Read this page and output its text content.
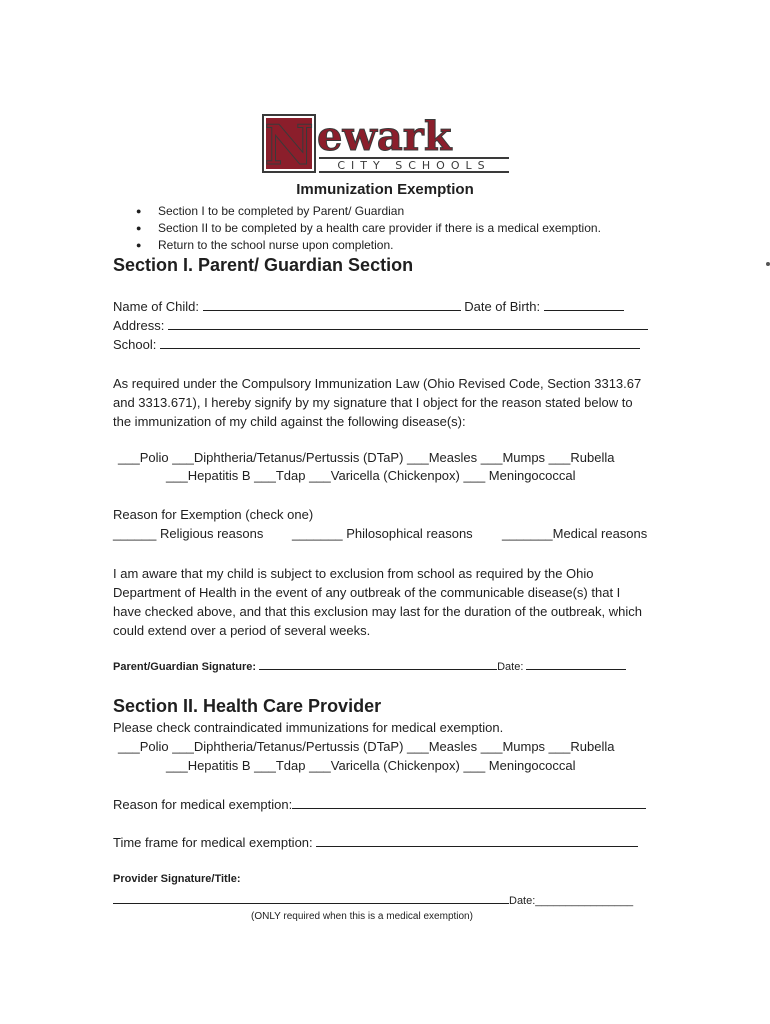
N ewark
CITY SCHOOLS
Immunization Exemption
● Section I to be completed by Parent/ Guardian
● Section II to be completed by a health care provider if there is a medical exemption.
● Return to the school nurse upon completion.
Section I. Parent/ Guardian Section
Name of Child:	Date of Birth:
Address:
School:
As required under the Compulsory Immunization Law (Ohio Revised Code, Section 3313.67 and 3313.671), I hereby signify by my signature that I object for the reason stated below to the immunization of my child against the following disease(s):
___Polio ___Diphtheria/Tetanus/Pertussis (DTaP) ___Measles ___Mumps ___Rubella
___Hepatitis B ___Tdap ___Varicella (Chickenpox) ___ Meningococcal
Reason for Exemption (check one)
______ Religious reasons _______ Philosophical reasons _______Medical reasons
I am aware that my child is subject to exclusion from school as required by the Ohio Department of Health in the event of any outbreak of the communicable disease(s) that I have checked above, and that this exclusion may last for the duration of the outbreak, which could extend over a period of several weeks.
Parent/Guardian Signature:	Date:
Section II. Health Care Provider
Please check contraindicated immunizations for medical exemption.
___Polio ___Diphtheria/Tetanus/Pertussis (DTaP) ___Measles ___Mumps ___Rubella
___Hepatitis B ___Tdap ___Varicella (Chickenpox) ___ Meningococcal
Reason for medical exemption:
Time frame for medical exemption:
Provider Signature/Title:
Date:________________
(ONLY required when this is a medical exemption)
